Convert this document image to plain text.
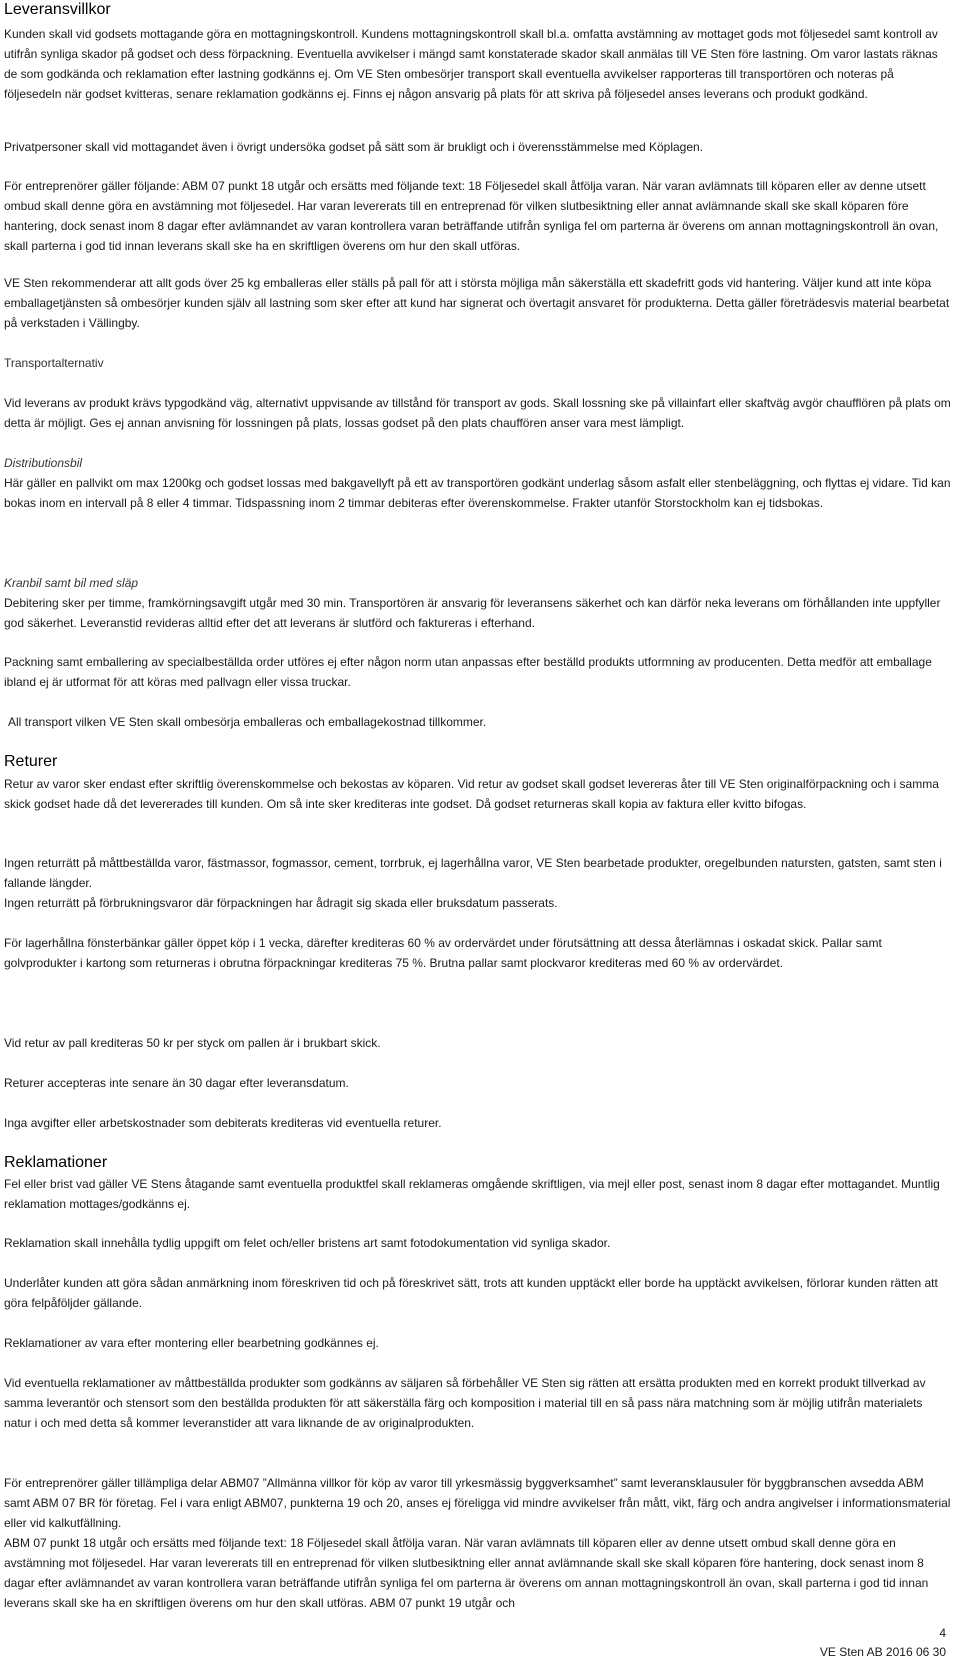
Leveransvillkor

Kunden skall vid godsets mottagande göra en mottagningskontroll. Kundens mottagningskontroll skall bl.a. omfatta avstämning av mottaget gods mot följesedel samt kontroll av utifrån synliga skador på godset och dess förpackning. Eventuella avvikelser i mängd samt konstaterade skador skall anmälas till VE Sten före lastning. Om varor lastats räknas de som godkända och reklamation efter lastning godkänns ej. Om VE Sten ombesörjer transport skall eventuella avvikelser rapporteras till transportören och noteras på följesedeln när godset kvitteras, senare reklamation godkänns ej. Finns ej någon ansvarig på plats för att skriva på följesedel anses leverans och produkt godkänd.

Privatpersoner skall vid mottagandet även i övrigt undersöka godset på sätt som är brukligt och i överensstämmelse med Köplagen.

För entreprenörer gäller följande: ABM 07 punkt 18 utgår och ersätts med följande text: 18 Följesedel skall åtfölja varan. När varan avlämnats till köparen eller av denne utsett ombud skall denne göra en avstämning mot följesedel. Har varan levererats till en entreprenad för vilken slutbesiktning eller annat avlämnande skall ske skall köparen före hantering, dock senast inom 8 dagar efter avlämnandet av varan kontrollera varan beträffande utifrån synliga fel om parterna är överens om annan mottagningskontroll än ovan, skall parterna i god tid innan leverans skall ske ha en skriftligen överens om hur den skall utföras.

VE Sten rekommenderar att allt gods över 25 kg emballeras eller ställs på pall för att i största möjliga mån säkerställa ett skadefritt gods vid hantering. Väljer kund att inte köpa emballagetjänsten så ombesörjer kunden själv all lastning som sker efter att kund har signerat och övertagit ansvaret för produkterna. Detta gäller företrädesvis material bearbetat på verkstaden i Vällingby.

Transportalternativ

Vid leverans av produkt krävs typgodkänd väg, alternativt uppvisande av tillstånd för transport av gods. Skall lossning ske på villainfart eller skaftväg avgör chaufflören på plats om detta är möjligt. Ges ej annan anvisning för lossningen på plats, lossas godset på den plats chauffören anser vara mest lämpligt.

Distributionsbil

Här gäller en pallvikt om max 1200kg och godset lossas med bakgavellyft på ett av transportören godkänt underlag såsom asfalt eller stenbeläggning, och flyttas ej vidare. Tid kan bokas inom en intervall på 8 eller 4 timmar. Tidspassning inom 2 timmar debiteras efter överenskommelse. Frakter utanför Storstockholm kan ej tidsbokas.

Kranbil samt bil med släp

Debitering sker per timme, framkörningsavgift utgår med 30 min. Transportören är ansvarig för leveransens säkerhet och kan därför neka leverans om förhållanden inte uppfyller god säkerhet. Leveranstid revideras alltid efter det att leverans är slutförd och faktureras i efterhand.

Packning samt emballering av specialbeställda order utföres ej efter någon norm utan anpassas efter beställd produkts utformning av producenten. Detta medför att emballage ibland ej är utformat för att köras med pallvagn eller vissa truckar.

All transport vilken VE Sten skall ombesörja emballeras och emballagekostnad tillkommer.

Returer

Retur av varor sker endast efter skriftlig överenskommelse och bekostas av köparen. Vid retur av godset skall godset levereras åter till VE Sten originalförpackning och i samma skick godset hade då det levererades till kunden. Om så inte sker krediteras inte godset. Då godset returneras skall kopia av faktura eller kvitto bifogas.

Ingen returrätt på måttbeställda varor, fästmassor, fogmassor, cement, torrbruk, ej lagerhållna varor, VE Sten bearbetade produkter, oregelbunden natursten, gatsten, samt sten i fallande längder.

Ingen returrätt på förbrukningsvaror där förpackningen har ådragit sig skada eller bruksdatum passerats.

För lagerhållna fönsterbänkar gäller öppet köp i 1 vecka, därefter krediteras 60 % av ordervärdet under förutsättning att dessa återlämnas i oskadat skick. Pallar samt golvprodukter i kartong som returneras i obrutna förpackningar krediteras 75 %. Brutna pallar samt plockvaror krediteras med 60 % av ordervärdet.

Vid retur av pall krediteras 50 kr per styck om pallen är i brukbart skick.

Returer accepteras inte senare än 30 dagar efter leveransdatum.

Inga avgifter eller arbetskostnader som debiterats krediteras vid eventuella returer.

Reklamationer

Fel eller brist vad gäller VE Stens åtagande samt eventuella produktfel skall reklameras omgående skriftligen, via mejl eller post, senast inom 8 dagar efter mottagandet. Muntlig reklamation mottages/godkänns ej.

Reklamation skall innehålla tydlig uppgift om felet och/eller bristens art samt fotodokumentation vid synliga skador.

Underlåter kunden att göra sådan anmärkning inom föreskriven tid och på föreskrivet sätt, trots att kunden upptäckt eller borde ha upptäckt avvikelsen, förlorar kunden rätten att göra felpåföljder gällande.

Reklamationer av vara efter montering eller bearbetning godkännes ej.

Vid eventuella reklamationer av måttbeställda produkter som godkänns av säljaren så förbehåller VE Sten sig rätten att ersätta produkten med en korrekt produkt tillverkad av samma leverantör och stensort som den beställda produkten för att säkerställa färg och komposition i material till en så pass nära matchning som är möjlig utifrån materialets natur i och med detta så kommer leveranstider att vara liknande de av originalprodukten.

För entreprenörer gäller tillämpliga delar ABM07 ”Allmänna villkor för köp av varor till yrkesmässig byggverksamhet” samt leveransklausuler för byggbranschen avsedda ABM samt ABM 07 BR för företag. Fel i vara enligt ABM07, punkterna 19 och 20, anses ej föreligga vid mindre avvikelser från mått, vikt, färg och andra angivelser i informationsmaterial eller vid kalkutfällning.

ABM 07 punkt 18 utgår och ersätts med följande text: 18 Följesedel skall åtfölja varan. När varan avlämnats till köparen eller av denne utsett ombud skall denne göra en avstämning mot följesedel. Har varan levererats till en entreprenad för vilken slutbesiktning eller annat avlämnande skall ske skall köparen före hantering, dock senast inom 8 dagar efter avlämnandet av varan kontrollera varan beträffande utifrån synliga fel om parterna är överens om annan mottagningskontroll än ovan, skall parterna i god tid innan leverans skall ske ha en skriftligen överens om hur den skall utföras. ABM 07 punkt 19 utgår och

4
VE Sten AB 2016 06 30
